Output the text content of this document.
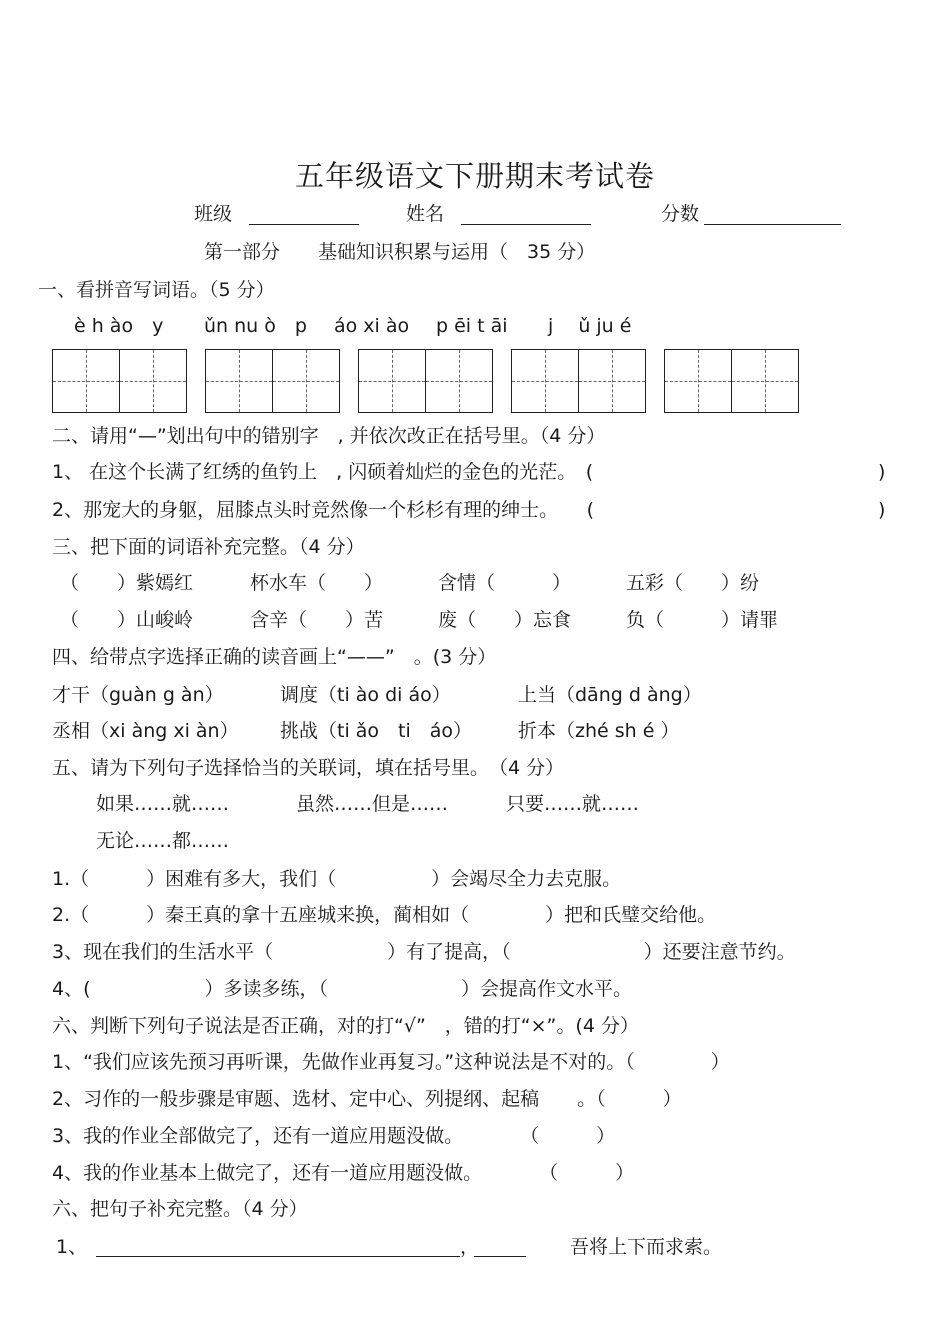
五年级语文下册期末考试卷
班级	姓名	分数
第一部分　　基础知识积累与运用（　35 分）
一、看拼音写词语。（5 分）
è h ào　y ǔn nu ò　p áo xi ào p ēi t āi j　 ǔ ju é
二、请用“—”划出句中的错别字　, 并依次改正在括号里。（4 分）
1、 在这个长满了红绣的鱼钓上　, 闪硕着灿烂的金色的光茫。　(	)
2、那宠大的身躯，屈膝点头时竞然像一个杉杉有理的绅士。　　(	)
三、把下面的词语补充完整。（4 分）
（　　）紫嫣红	杯水车（　　）	含情（　　　）	五彩（　　）纷
（　　）山峻岭	含辛（　　）苦	废（　　）忘食	负（　　　）请罪
四、给带点字选择正确的读音画上“——”　。(3 分）
才干（guàn g àn）	调度（ti ào di áo）	上当（dāng d àng）
丞相（xi àng xi àn） 挑战（ti ǎo　ti　áo） 折本（zhé sh é ）
五、请为下列句子选择恰当的关联词，填在括号里。　（4 分）
如果……就……	虽然……但是……	只要……就……
无论……都……
1.（　　　）困难有多大，我们（　　　　　）会竭尽全力去克服。
2.（　　　）秦王真的拿十五座城来换，蔺相如（　　　　）把和氏璧交给他。
3、现在我们的生活水平（　　　　　　）有了提高，（　　　　　　　）还要注意节约。
4、(　　　　　　）多读多练，（　　　　　　　）会提高作文水平。
六、判断下列句子说法是否正确，对的打“√”　，错的打“×”。(4 分）
1、“我们应该先预习再听课，先做作业再复习。”这种说法是不对的。（　　　　）
2、习作的一般步骤是审题、选材、定中心、列提纲、起稿　　。（　　　）
3、我的作业全部做完了，还有一道应用题没做。　　　　（　　　）
4、我的作业基本上做完了，还有一道应用题没做。　　　　（　　　）
六、把句子补充完整。（4 分）
1、	，	吾将上下而求索。
